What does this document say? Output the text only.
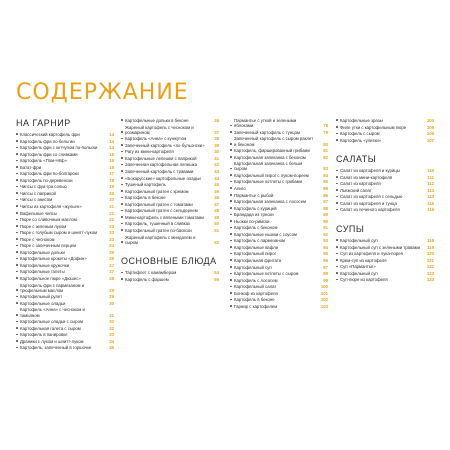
СОДЕРЖАНИЕ
НА ГАРНИР
Классический картофель фри	14
Картофель фри по-бельгии	14
Картофель фри с кетчупом по-польски	14
Картофель фри со сливками	15
Картофель «Пом-Нёф»	16
Батат-фри	16
Картофель фри по-болгарски	17
Картофель по-деревенски	18
Чипсы с фуа-гра солью	19
Чипсы с паприкой	20
Чипсы с анисом	20
Чипсы из картофеля «жульен»	21
Вафельные чипсы	21
Пюре со сливочным маслом	22
Пюре с зеленым луком	23
Пюре с голубым сыром и шнитт-луком	23
Пюре с чесноком	23
Пюре с запеченным перцем	24
Картофельные дольки	25
Картофельные крокеты «Дофин»	26
Картофельные кружочки	27
Картофельные галеты	27
Картофельное пюре «Дюшес»	28
Картофель фри с пармезаном и трюфельным маслом	29
Картофельный рулет	29
Картофельные оладьи	30
Картофель «Анна» с чесноком и тимьяном	31
Картофельные оладьи с сыром	32
Картофельная галета с сыром	32
Картофель в панировке	33
Драники с луком и шнитт-луком	34
Картофель, запеченный в горшочке	35
Картофельные дольки в беконе	36
Жареный картофель с чесноком и розмарином	37
Картофель «Анна» с кунжутом	38
Запеченный картофель «по-бульонски»	39
Рагу из мини-картофеля	40
Картофельные лепешки с паприкой	41
Запеченная картофельная лепешка	42
Запеченный картофель с травами	43
«Бокарусские» картофельные оладьи	44
Тушеный картофель	45
Картофельный гратен с кремом	46
Картофель в беконе	46
Картофельный гратен с томатами	47
Картофельный гратен с сельдереем	48
Мини-картофель с вялеными томатами	49
Картофель, тушенный в сливках	50
Картофельный гратен по-баскски	51
Жареный картофель с миндалем и сыром	52
ОСНОВНЫЕ БЛЮДА
Тартифлет с камамбером	54
Картофель с фаршем	55
Пармантье с уткой и зелеными яблоками	78
Запеченный картофель с тунцом	79
Запеченный картофель с сыром раклет и беконом	80
Картофель, фаршированный грибами	81
Картофельная запеканка с беконом	82
Картофельная запеканка с белым сыром	83
Картофельный пирог с луком-пореем	84
Картофельные котлеты с грибами	85
Алиго	86
Пармантье с рыбой	86
Картофельная запеканка с лососем	87
Картофель с курицей	88
Брандада из трески	89
Ньокки по-римски	90
Картофель с беконом	91
Картофельные ньокки с соусом	92
Картофель с пармезаном	93
Картофельные вафли	94
Картофельный пирог	95
Картофельная фритата	96
Картофельный суп	97
Картофельные котлеты с сыром	98
Картофель с лососем	99
Картофельный салат	100
Бонкоф из картофеля	101
Картофель в беконе	102
Гарнир с картофелем	103
Картофельные зразы	104
Филе утки с картофельным пюре	105
Картофель с сыром	106
Картофель «улитки»	107
САЛАТЫ
Салат из картофеля и курицы	110
Салат из мини-картофеля	111
Салат из картофеля	112
Льежский салат	113
Салат из картофеля с сельдью	114
Салат из картофеля и тунца	115
Салат из печеного картофеля	116
СУПЫ
Картофельный суп	118
Картофельный суп с зелеными травами	119
Суп из картофеля и лука-порея	120
Крем-суп из картофеля	121
Суп «Пармантье»	122
Картофельный суп	123
Суп-пюре из картофеля	124
